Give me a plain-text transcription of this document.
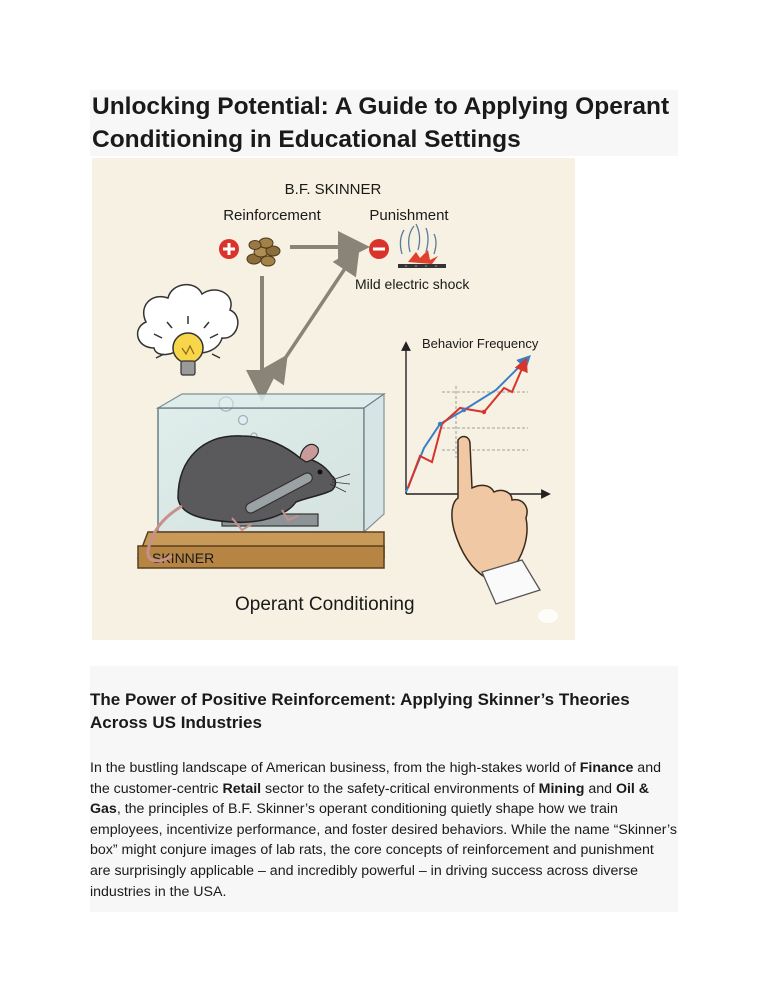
Unlocking Potential: A Guide to Applying Operant Conditioning in Educational Settings
B.F. SKINNER
Reinforcement	Punishment
Mild electric shock
SKINNER
Behavior Frequency
Operant Conditioning
The Power of Positive Reinforcement: Applying Skinner’s Theories Across US Industries

In the bustling landscape of American business, from the high-stakes world of Finance and the customer-centric Retail sector to the safety-critical environments of Mining and Oil & Gas, the principles of B.F. Skinner’s operant conditioning quietly shape how we train employees, incentivize performance, and foster desired behaviors. While the name “Skinner’s box” might conjure images of lab rats, the core concepts of reinforcement and punishment are surprisingly applicable – and incredibly powerful – in driving success across diverse industries in the USA.
